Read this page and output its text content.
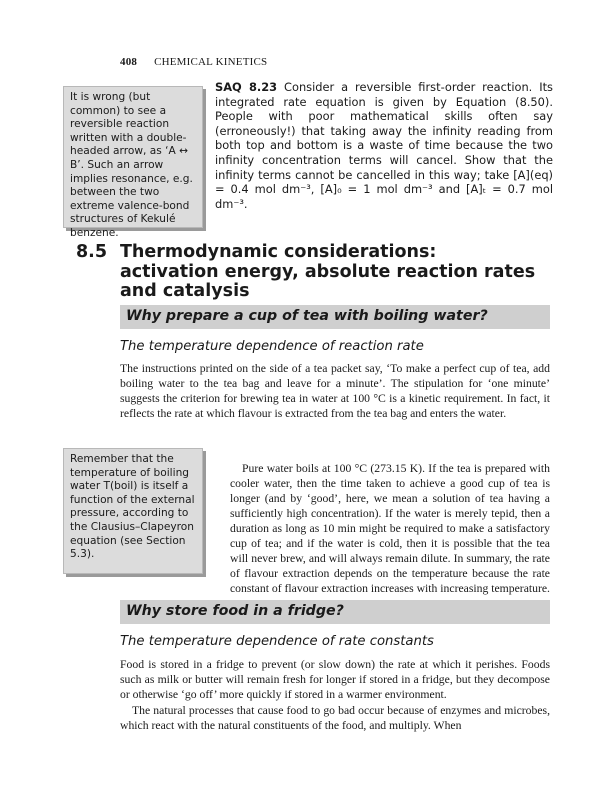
408 CHEMICAL KINETICS

It is wrong (but common) to see a reversible reaction written with a double-headed arrow, as ‘A ↔ B’. Such an arrow implies resonance, e.g. between the two extreme valence-bond structures of Kekulé benzene.

SAQ 8.23 Consider a reversible first-order reaction. Its integrated rate equation is given by Equation (8.50). People with poor mathematical skills often say (erroneously!) that taking away the infinity reading from both top and bottom is a waste of time because the two infinity concentration terms will cancel. Show that the infinity terms cannot be cancelled in this way; take [A](eq) = 0.4 mol dm⁻³, [A]₀ = 1 mol dm⁻³ and [A]ₜ = 0.7 mol dm⁻³.
8.5 Thermodynamic considerations:
activation energy, absolute reaction rates
and catalysis
Why prepare a cup of tea with boiling water?
The temperature dependence of reaction rate

The instructions printed on the side of a tea packet say, ‘To make a perfect cup of tea, add boiling water to the tea bag and leave for a minute’. The stipulation for ‘one minute’ suggests the criterion for brewing tea in water at 100 °C is a kinetic requirement. In fact, it reflects the rate at which flavour is extracted from the tea bag and enters the water.

Remember that the temperature of boiling water T(boil) is itself a function of the external pressure, according to the Clausius–Clapeyron equation (see Section 5.3).

Pure water boils at 100 °C (273.15 K). If the tea is prepared with cooler water, then the time taken to achieve a good cup of tea is longer (and by ‘good’, here, we mean a solution of tea having a sufficiently high concentration). If the water is merely tepid, then a duration as long as 10 min might be required to make a satisfactory cup of tea; and if the water is cold, then it is possible that the tea will never brew, and will always remain dilute. In summary, the rate of flavour extraction depends on the temperature because the rate constant of flavour extraction increases with increasing temperature.

Why store food in a fridge?
The temperature dependence of rate constants

Food is stored in a fridge to prevent (or slow down) the rate at which it perishes. Foods such as milk or butter will remain fresh for longer if stored in a fridge, but they decompose or otherwise ‘go off’ more quickly if stored in a warmer environment.

The natural processes that cause food to go bad occur because of enzymes and microbes, which react with the natural constituents of the food, and multiply. When
